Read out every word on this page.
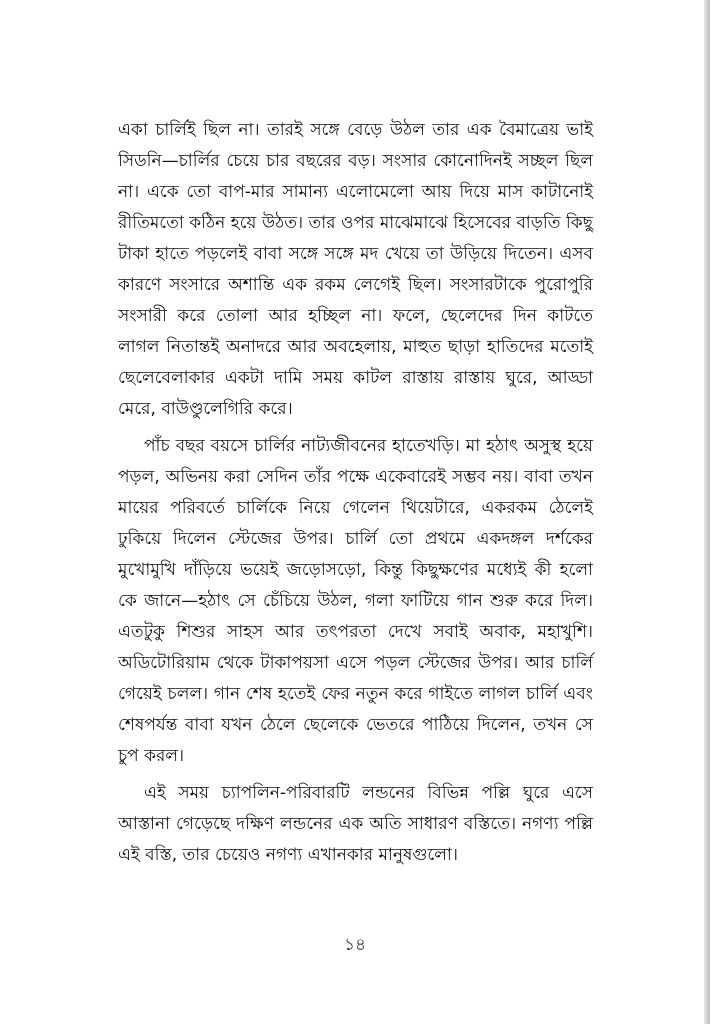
একা চার্লিই ছিল না। তারই সঙ্গে বেড়ে উঠল তার এক বৈমাত্রেয় ভাই সিডনি—চার্লির চেয়ে চার বছরের বড়। সংসার কোনোদিনই সচ্ছল ছিল না। একে তো বাপ-মার সামান্য এলোমেলো আয় দিয়ে মাস কাটানোই রীতিমতো কঠিন হয়ে উঠত। তার ওপর মাঝেমাঝে হিসেবের বাড়তি কিছু টাকা হাতে পড়লেই বাবা সঙ্গে সঙ্গে মদ খেয়ে তা উড়িয়ে দিতেন। এসব কারণে সংসারে অশান্তি এক রকম লেগেই ছিল। সংসারটাকে পুরোপুরি সংসারী করে তোলা আর হচ্ছিল না। ফলে, ছেলেদের দিন কাটতে লাগল নিতান্তই অনাদরে আর অবহেলায়, মাহুত ছাড়া হাতিদের মতোই ছেলেবেলাকার একটা দামি সময় কাটল রাস্তায় রাস্তায় ঘুরে, আড্ডা মেরে, বাউণ্ডুলেগিরি করে।

পাঁচ বছর বয়সে চার্লির নাট্যজীবনের হাতেখড়ি। মা হঠাৎ অসুস্থ হয়ে পড়ল, অভিনয় করা সেদিন তাঁর পক্ষে একেবারেই সম্ভব নয়। বাবা তখন মায়ের পরিবর্তে চার্লিকে নিয়ে গেলেন থিয়েটারে, একরকম ঠেলেই ঢুকিয়ে দিলেন স্টেজের উপর। চার্লি তো প্রথমে একদঙ্গল দর্শকের মুখোমুখি দাঁড়িয়ে ভয়েই জড়োসড়ো, কিন্তু কিছুক্ষণের মধ্যেই কী হলো কে জানে—হঠাৎ সে চেঁচিয়ে উঠল, গলা ফাটিয়ে গান শুরু করে দিল। এতটুকু শিশুর সাহস আর তৎপরতা দেখে সবাই অবাক, মহাখুশি। অডিটোরিয়াম থেকে টাকাপয়সা এসে পড়ল স্টেজের উপর। আর চার্লি গেয়েই চলল। গান শেষ হতেই ফের নতুন করে গাইতে লাগল চার্লি এবং শেষপর্যন্ত বাবা যখন ঠেলে ছেলেকে ভেতরে পাঠিয়ে দিলেন, তখন সে চুপ করল।

এই সময় চ্যাপলিন-পরিবারটি লন্ডনের বিভিন্ন পল্লি ঘুরে এসে আস্তানা গেড়েছে দক্ষিণ লন্ডনের এক অতি সাধারণ বস্তিতে। নগণ্য পল্লি এই বস্তি, তার চেয়েও নগণ্য এখানকার মানুষগুলো।

১৪
